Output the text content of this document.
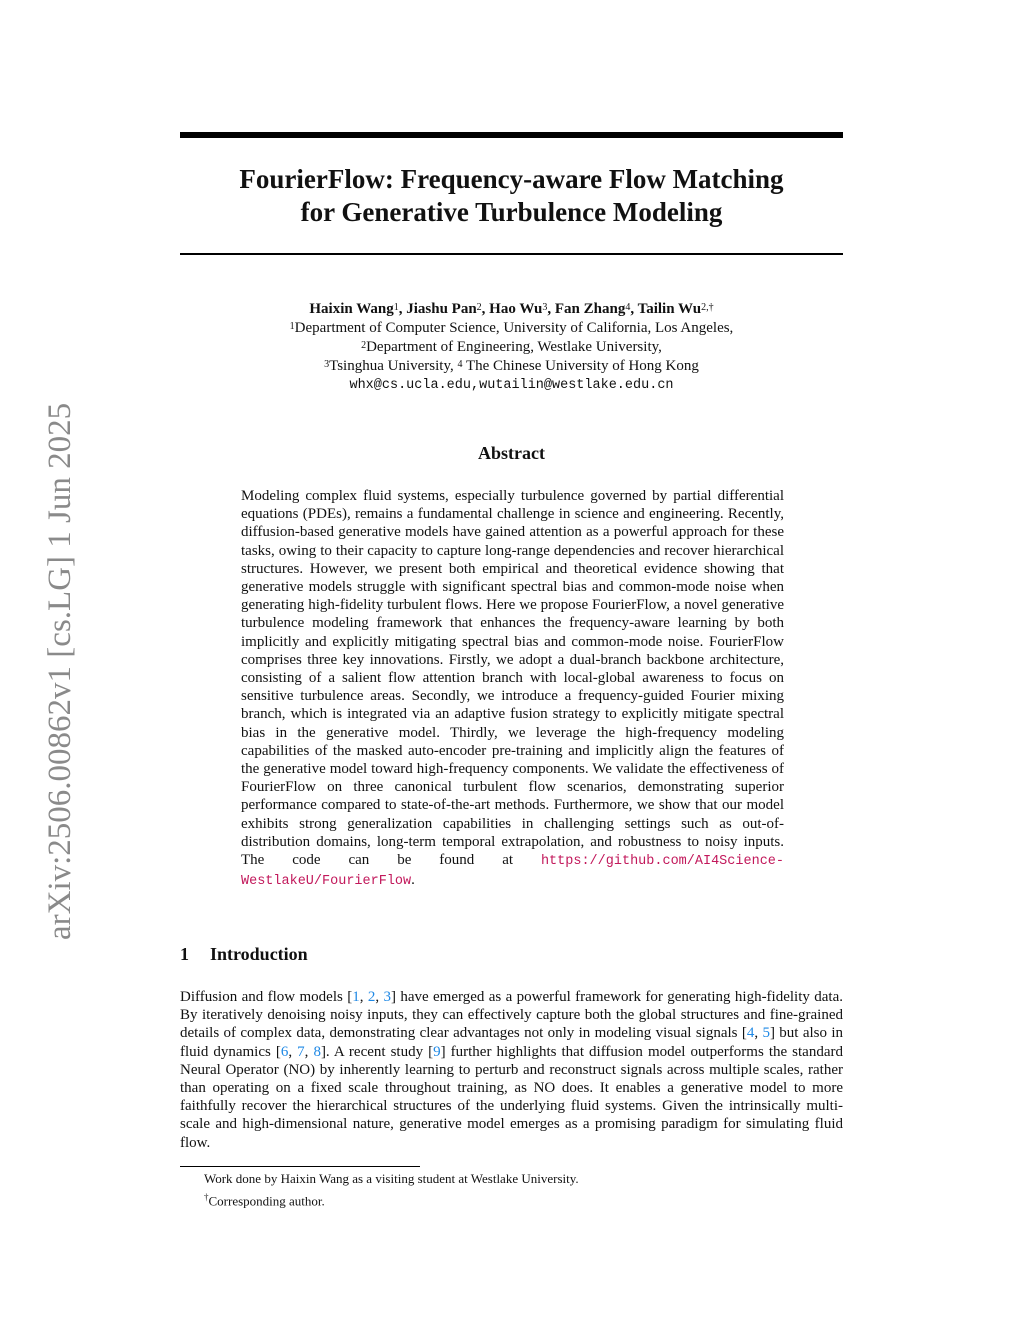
arXiv:2506.00862v1 [cs.LG] 1 Jun 2025
FourierFlow: Frequency-aware Flow Matching
for Generative Turbulence Modeling
Haixin Wang$^1$, Jiashu Pan$^2$, Hao Wu$^3$, Fan Zhang$^4$, Tailin $Wu^{2,\dagger}$
$^1$Department of Computer Science, University of California, Los Angeles,
$^2$Department of Engineering, Westlake University,
$^3$Tsinghua University, $^4$ The Chinese University of Hong Kong
whx@cs.ucla.edu,wutailin@westlake.edu.cn
Abstract
Modeling complex fluid systems, especially turbulence governed by partial differential equations (PDEs), remains a fundamental challenge in science and engineering. Recently, diffusion-based generative models have gained attention as a powerful approach for these tasks, owing to their capacity to capture long-range dependencies and recover hierarchical structures. However, we present both empirical and theoretical evidence showing that generative models struggle with significant spectral bias and common-mode noise when generating high-fidelity turbulent flows. Here we propose FourierFlow, a novel generative turbulence modeling framework that enhances the frequency-aware learning by both implicitly and explicitly mitigating spectral bias and common-mode noise. FourierFlow comprises three key innovations. Firstly, we adopt a dual-branch backbone architecture, consisting of a salient flow attention branch with local-global awareness to focus on sensitive turbulence areas. Secondly, we introduce a frequency-guided Fourier mixing branch, which is integrated via an adaptive fusion strategy to explicitly mitigate spectral bias in the generative model. Thirdly, we leverage the high-frequency modeling capabilities of the masked auto-encoder pre-training and implicitly align the features of the generative model toward high-frequency components. We validate the effectiveness of FourierFlow on three canonical turbulent flow scenarios, demonstrating superior performance compared to state-of-the-art methods. Furthermore, we show that our model exhibits strong generalization capabilities in challenging settings such as out-of-distribution domains, long-term temporal extrapolation, and robustness to noisy inputs. The code can be found at https://github.com/AI4Science-WestlakeU/FourierFlow.
1 Introduction
Diffusion and flow models [1, 2, 3] have emerged as a powerful framework for generating high-fidelity data. By iteratively denoising noisy inputs, they can effectively capture both the global structures and fine-grained details of complex data, demonstrating clear advantages not only in modeling visual signals [4, 5] but also in fluid dynamics [6, 7, 8]. A recent study [9] further highlights that diffusion model outperforms the standard Neural Operator (NO) by inherently learning to perturb and reconstruct signals across multiple scales, rather than operating on a fixed scale throughout training, as NO does. It enables a generative model to more faithfully recover the hierarchical structures of the underlying fluid systems. Given the intrinsically multi-scale and high-dimensional nature, generative model emerges as a promising paradigm for simulating fluid flow.
Work done by Haixin Wang as a visiting student at Westlake University.
†Corresponding author.
